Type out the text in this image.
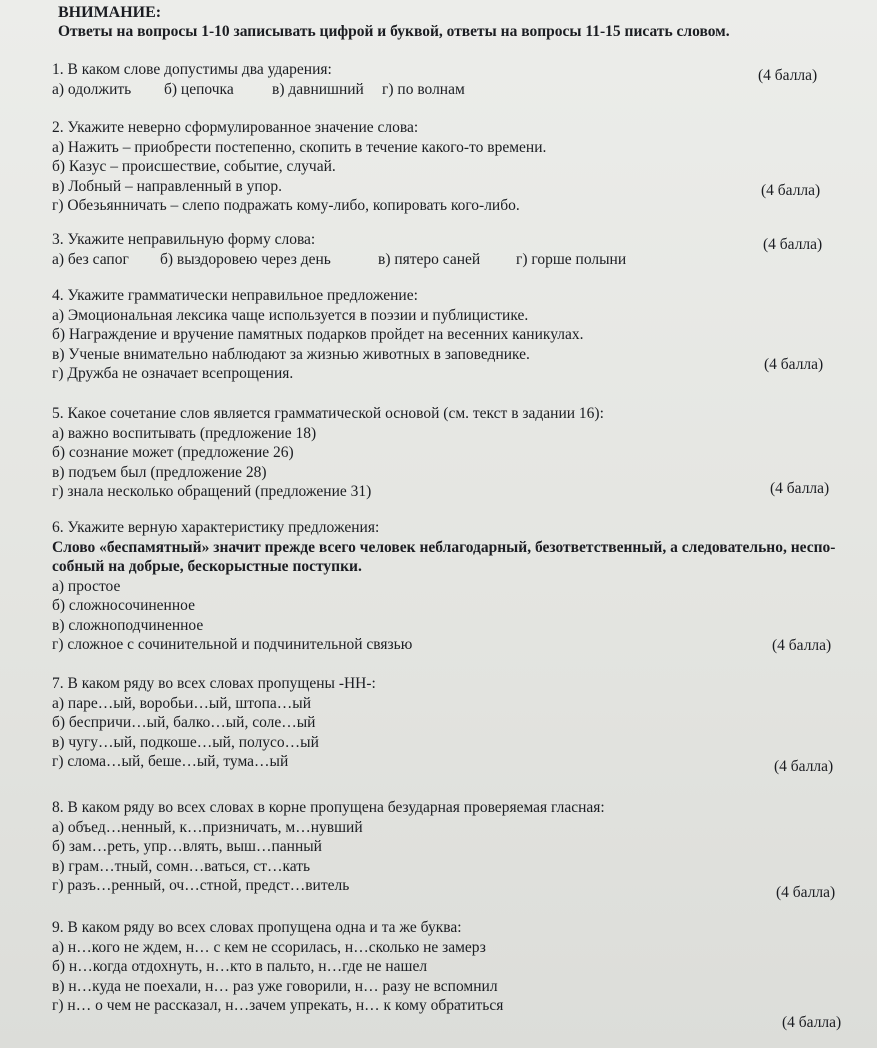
ВНИМАНИЕ:
Ответы на вопросы 1-10 записывать цифрой и буквой, ответы на вопросы 11-15 писать словом.
1. В каком слове допустимы два ударения:
а) одолжить б) цепочка в) давнишний г) по волнам
(4 балла)
2. Укажите неверно сформулированное значение слова:
а) Нажить – приобрести постепенно, скопить в течение какого-то времени.
б) Казус – происшествие, событие, случай.
в) Лобный – направленный в упор.
г) Обезьянничать – слепо подражать кому-либо, копировать кого-либо.
(4 балла)
3. Укажите неправильную форму слова:
а) без сапог б) выздоровею через день	в) пятеро саней г) горше полыни
(4 балла)
4. Укажите грамматически неправильное предложение:
а) Эмоциональная лексика чаще используется в поэзии и публицистике.
б) Награждение и вручение памятных подарков пройдет на весенних каникулах.
в) Ученые внимательно наблюдают за жизнью животных в заповеднике.
г) Дружба не означает всепрощения.
(4 балла)
5. Какое сочетание слов является грамматической основой (см. текст в задании 16):
а) важно воспитывать (предложение 18)
б) сознание может (предложение 26)
в) подъем был (предложение 28)
г) знала несколько обращений (предложение 31)	(4 балла)
6. Укажите верную характеристику предложения:
Слово «беспамятный» значит прежде всего человек неблагодарный, безответственный, а следовательно, неспо-
собный на добрые, бескорыстные поступки.
а) простое
б) сложносочиненное
в) сложноподчиненное
г) сложное с сочинительной и подчинительной связью	(4 балла)
7. В каком ряду во всех словах пропущены -НН-:
а) паре…ый, воробьи…ый, штопа…ый
б) беспричи…ый, балко…ый, соле…ый
в) чугу…ый, подкоше…ый, полусо…ый
г) слома…ый, беше…ый, тума…ый	(4 балла)
8. В каком ряду во всех словах в корне пропущена безударная проверяемая гласная:
а) объед…ненный, к…призничать, м…нувший
б) зам…реть, упр…влять, выш…панный
в) грам…тный, сомн…ваться, ст…кать
г) разъ…ренный, оч…стной, предст…витель	(4 балла)
9. В каком ряду во всех словах пропущена одна и та же буква:
а) н…кого не ждем, н… с кем не ссорилась, н…сколько не замерз
б) н…когда отдохнуть, н…кто в пальто, н…где не нашел
в) н…куда не поехали, н… раз уже говорили, н… разу не вспомнил
г) н… о чем не рассказал, н…зачем упрекать, н… к кому обратиться
(4 балла)
